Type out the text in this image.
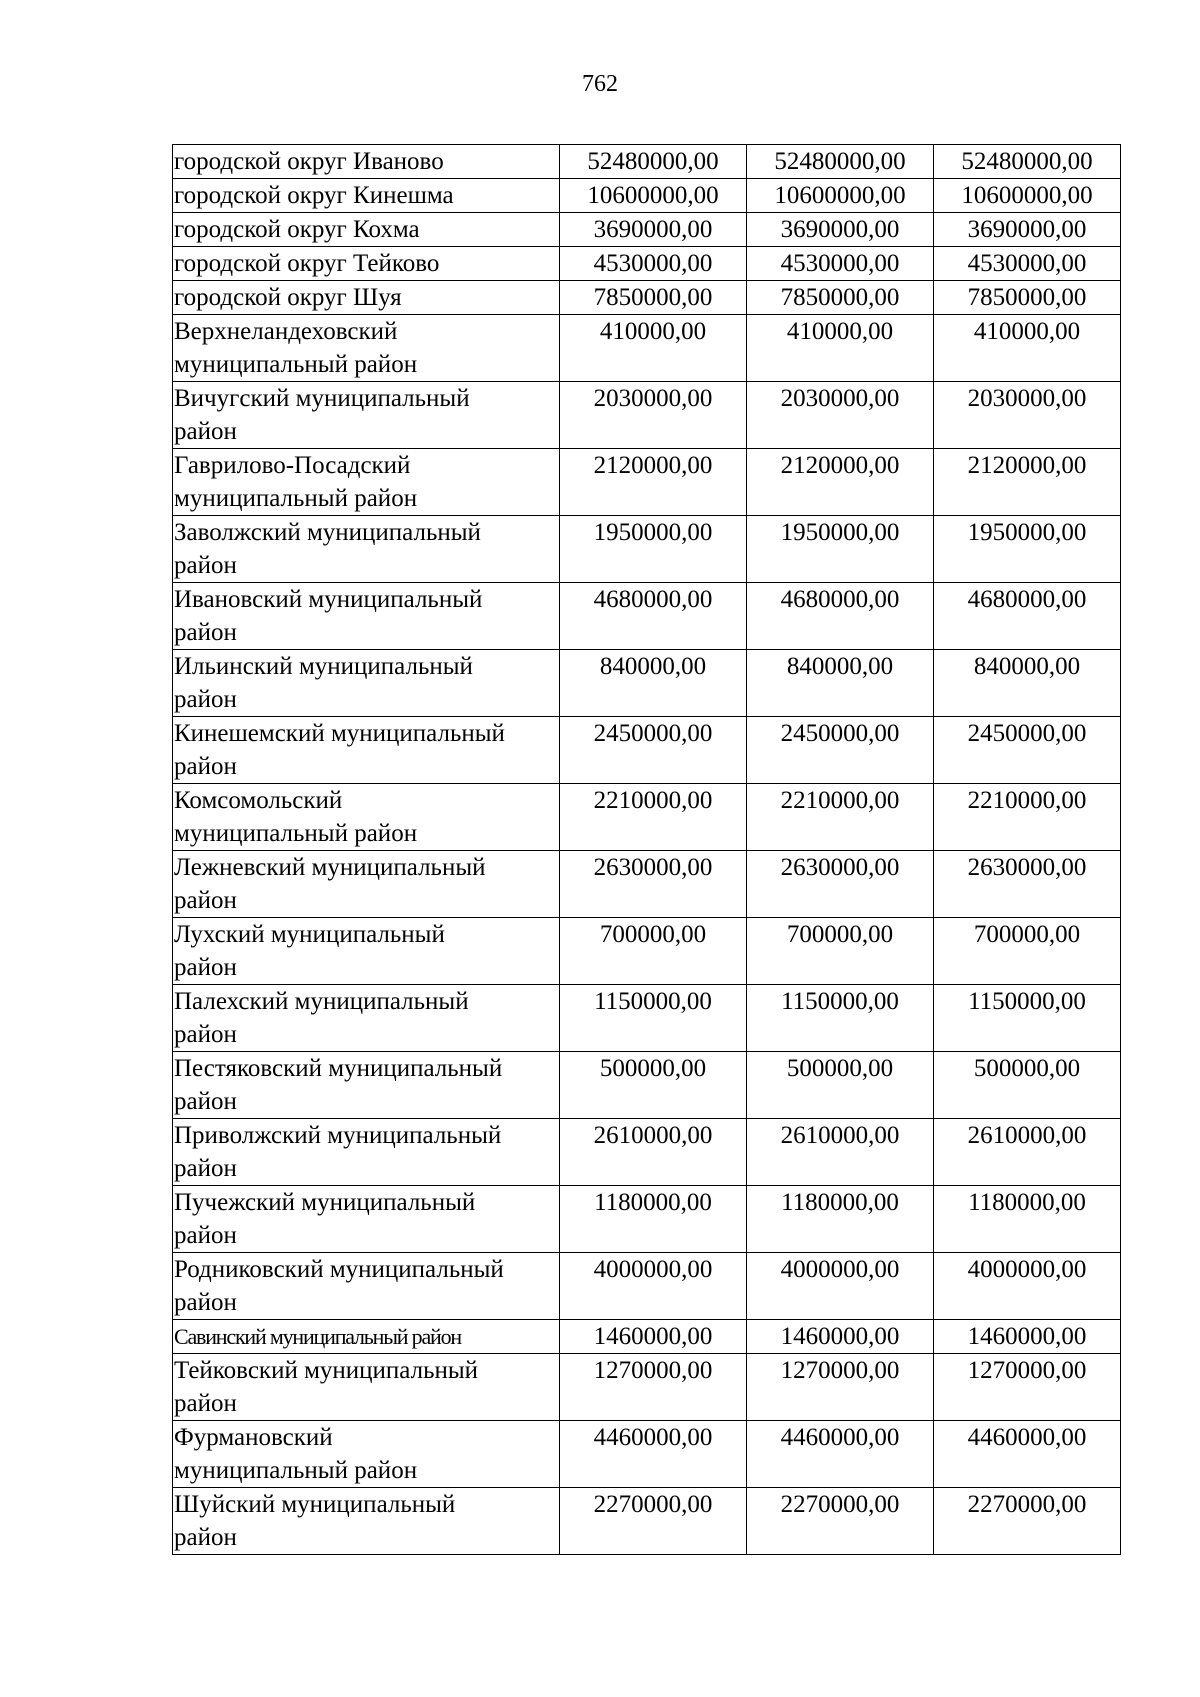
762
городской округ Иваново	52480000,00	52480000,00	52480000,00

городской округ Кинешма	10600000,00	10600000,00	10600000,00

городской округ Кохма	3690000,00	3690000,00	3690000,00

городской округ Тейково	4530000,00	4530000,00	4530000,00

городской округ Шуя	7850000,00	7850000,00	7850000,00

Верхнеландеховский
муниципальный район	410000,00	410000,00	410000,00

Вичугский муниципальный
район	2030000,00	2030000,00	2030000,00

Гаврилово-Посадский
муниципальный район	2120000,00	2120000,00	2120000,00

Заволжский муниципальный
район	1950000,00	1950000,00	1950000,00

Ивановский муниципальный
район	4680000,00	4680000,00	4680000,00

Ильинский муниципальный
район	840000,00	840000,00	840000,00

Кинешемский муниципальный
район	2450000,00	2450000,00	2450000,00

Комсомольский
муниципальный район	2210000,00	2210000,00	2210000,00

Лежневский муниципальный
район	2630000,00	2630000,00	2630000,00

Лухский муниципальный
район	700000,00	700000,00	700000,00

Палехский муниципальный
район	1150000,00	1150000,00	1150000,00

Пестяковский муниципальный
район	500000,00	500000,00	500000,00

Приволжский муниципальный
район	2610000,00	2610000,00	2610000,00

Пучежский муниципальный
район	1180000,00	1180000,00	1180000,00

Родниковский муниципальный
район	4000000,00	4000000,00	4000000,00

Савинский муниципальный район	1460000,00	1460000,00	1460000,00

Тейковский муниципальный
район	1270000,00	1270000,00	1270000,00

Фурмановский
муниципальный район	4460000,00	4460000,00	4460000,00

Шуйский муниципальный
район	2270000,00	2270000,00	2270000,00
